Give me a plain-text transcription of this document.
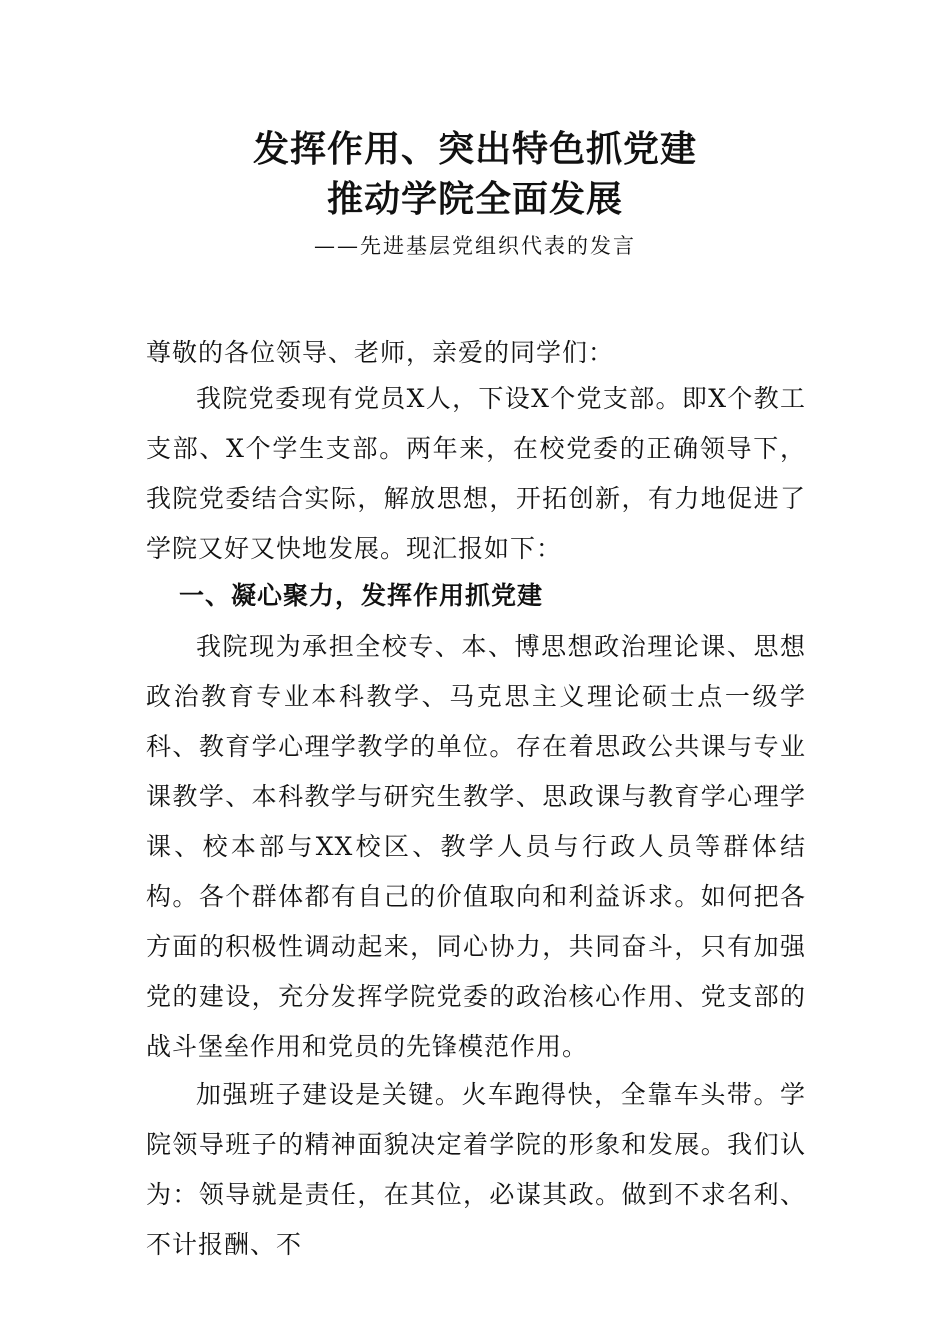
发挥作用、突出特色抓党建
推动学院全面发展
——先进基层党组织代表的发言
尊敬的各位领导、老师，亲爱的同学们：

我院党委现有党员X人，下设X个党支部。即X个教工支部、X个学生支部。两年来，在校党委的正确领导下，我院党委结合实际，解放思想，开拓创新，有力地促进了学院又好又快地发展。现汇报如下：

一、凝心聚力，发挥作用抓党建

我院现为承担全校专、本、博思想政治理论课、思想政治教育专业本科教学、马克思主义理论硕士点一级学科、教育学心理学教学的单位。存在着思政公共课与专业课教学、本科教学与研究生教学、思政课与教育学心理学课、校本部与XX校区、教学人员与行政人员等群体结构。各个群体都有自己的价值取向和利益诉求。如何把各方面的积极性调动起来，同心协力，共同奋斗，只有加强党的建设，充分发挥学院党委的政治核心作用、党支部的战斗堡垒作用和党员的先锋模范作用。

加强班子建设是关键。火车跑得快，全靠车头带。学院领导班子的精神面貌决定着学院的形象和发展。我们认为：领导就是责任，在其位，必谋其政。做到不求名利、不计报酬、不
